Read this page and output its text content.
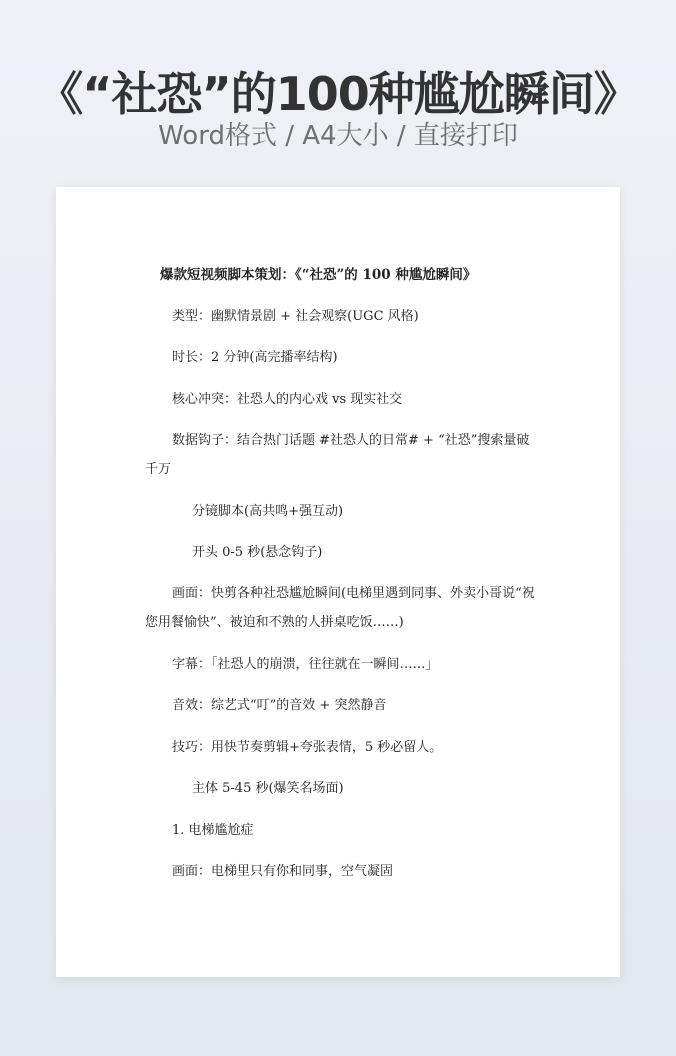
《“社恐”的100种尴尬瞬间》
Word格式 / A4大小 / 直接打印
爆款短视频脚本策划：《“社恐”的 100 种尴尬瞬间》
类型：幽默情景剧 + 社会观察(UGC 风格)
时长：2 分钟(高完播率结构)
核心冲突：社恐人的内心戏 vs 现实社交
数据钩子：结合热门话题 #社恐人的日常# + “社恐”搜索量破
千万
分镜脚本(高共鸣+强互动)
开头 0-5 秒(悬念钩子)
画面：快剪各种社恐尴尬瞬间(电梯里遇到同事、外卖小哥说“祝
您用餐愉快”、被迫和不熟的人拼桌吃饭……)
字幕：「社恐人的崩溃，往往就在一瞬间……」
音效：综艺式“叮”的音效 + 突然静音
技巧：用快节奏剪辑+夸张表情，5 秒必留人。
主体 5-45 秒(爆笑名场面)
1. 电梯尴尬症
画面：电梯里只有你和同事，空气凝固
